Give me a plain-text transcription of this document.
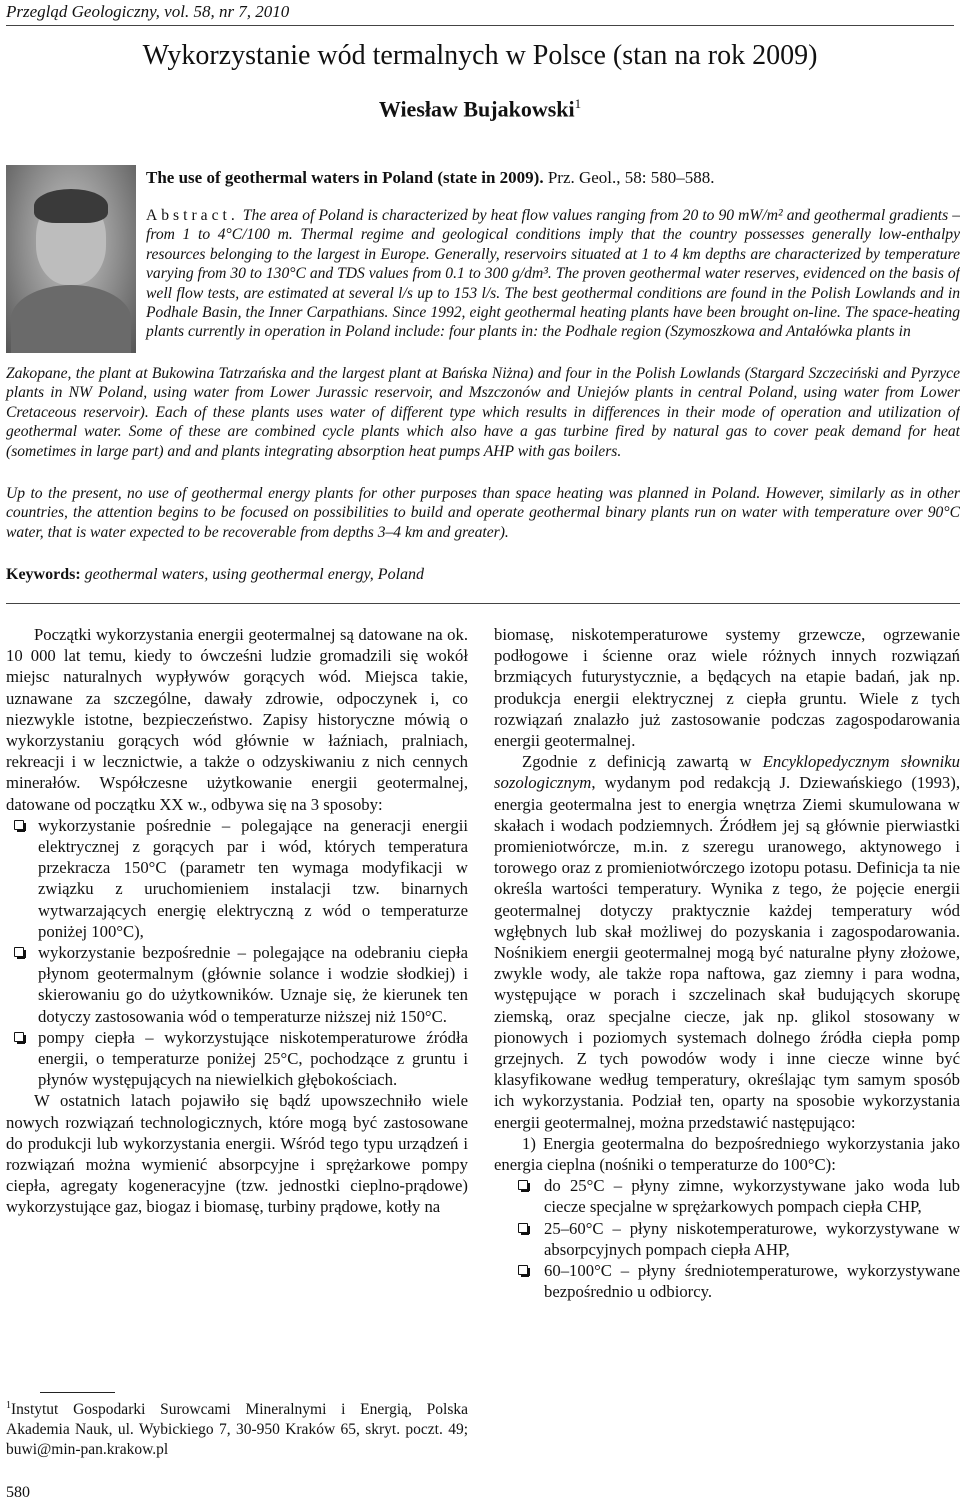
Przegląd Geologiczny, vol. 58, nr 7, 2010
Wykorzystanie wód termalnych w Polsce (stan na rok 2009)
Wiesław Bujakowski$^1$
The use of geothermal waters in Poland (state in 2009). Prz. Geol., 58: 580–588.
Abstract. The area of Poland is characterized by heat flow values ranging from 20 to 90 mW/m² and geothermal gradients – from 1 to 4°C/100 m. Thermal regime and geological conditions imply that the country possesses generally low-enthalpy resources belonging to the largest in Europe. Generally, reservoirs situated at 1 to 4 km depths are characterized by temperature varying from 30 to 130°C and TDS values from 0.1 to 300 g/dm³. The proven geothermal water reserves, evidenced on the basis of well flow tests, are estimated at several l/s up to 153 l/s. The best geothermal conditions are found in the Polish Lowlands and in Podhale Basin, the Inner Carpathians. Since 1992, eight geothermal heating plants have been brought on-line. The space-heating plants currently in operation in Poland include: four plants in: the Podhale region (Szymoszkowa and Antałówka plants in
Zakopane, the plant at Bukowina Tatrzańska and the largest plant at Bańska Niżna) and four in the Polish Lowlands (Stargard Szczeciński and Pyrzyce plants in NW Poland, using water from Lower Jurassic reservoir, and Mszczonów and Uniejów plants in central Poland, using water from Lower Cretaceous reservoir). Each of these plants uses water of different type which results in differences in their mode of operation and utilization of geothermal water. Some of these are combined cycle plants which also have a gas turbine fired by natural gas to cover peak demand for heat (sometimes in large part) and and plants integrating absorption heat pumps AHP with gas boilers.
Up to the present, no use of geothermal energy plants for other purposes than space heating was planned in Poland. However, similarly as in other countries, the attention begins to be focused on possibilities to build and operate geothermal binary plants run on water with temperature over 90°C water, that is water expected to be recoverable from depths 3–4 km and greater).
Keywords: geothermal waters, using geothermal energy, Poland

Początki wykorzystania energii geotermalnej są datowane na ok. 10 000 lat temu, kiedy to ówcześni ludzie gromadzili się wokół miejsc naturalnych wypływów gorących wód. Miejsca takie, uznawane za szczególne, dawały zdrowie, odpoczynek i, co niezwykle istotne, bezpieczeństwo. Zapisy historyczne mówią o wykorzystaniu gorących wód głównie w łaźniach, pralniach, rekreacji i w lecznictwie, a także o odzyskiwaniu z nich cennych minerałów. Współczesne użytkowanie energii geotermalnej, datowane od początku XX w., odbywa się na 3 sposoby:

wykorzystanie pośrednie – polegające na generacji energii elektrycznej z gorących par i wód, których temperatura przekracza 150°C (parametr ten wymaga modyfikacji w związku z uruchomieniem instalacji tzw. binarnych wytwarzających energię elektryczną z wód o temperaturze poniżej 100°C),
wykorzystanie bezpośrednie – polegające na odebraniu ciepła płynom geotermalnym (głównie solance i wodzie słodkiej) i skierowaniu go do użytkowników. Uznaje się, że kierunek ten dotyczy zastosowania wód o temperaturze niższej niż 150°C.
pompy ciepła – wykorzystujące niskotemperaturowe źródła energii, o temperaturze poniżej 25°C, pochodzące z gruntu i płynów występujących na niewielkich głębokościach.

W ostatnich latach pojawiło się bądź upowszechniło wiele nowych rozwiązań technologicznych, które mogą być zastosowane do produkcji lub wykorzystania energii. Wśród tego typu urządzeń i rozwiązań można wymienić absorpcyjne i sprężarkowe pompy ciepła, agregaty kogeneracyjne (tzw. jednostki cieplno-prądowe) wykorzystujące gaz, biogaz i biomasę, turbiny prądowe, kotły na

biomasę, niskotemperaturowe systemy grzewcze, ogrzewanie podłogowe i ścienne oraz wiele różnych innych rozwiązań brzmiących futurystycznie, a będących na etapie badań, jak np. produkcja energii elektrycznej z ciepła gruntu. Wiele z tych rozwiązań znalazło już zastosowanie podczas zagospodarowania energii geotermalnej.

Zgodnie z definicją zawartą w Encyklopedycznym słowniku sozologicznym, wydanym pod redakcją J. Dziewańskiego (1993), energia geotermalna jest to energia wnętrza Ziemi skumulowana w skałach i wodach podziemnych. Źródłem jej są głównie pierwiastki promieniotwórcze, m.in. z szeregu uranowego, aktynowego i torowego oraz z promieniotwórczego izotopu potasu. Definicja ta nie określa wartości temperatury. Wynika z tego, że pojęcie energii geotermalnej dotyczy praktycznie każdej temperatury wód wgłębnych lub skał możliwej do pozyskania i zagospodarowania. Nośnikiem energii geotermalnej mogą być naturalne płyny złożowe, zwykle wody, ale także ropa naftowa, gaz ziemny i para wodna, występujące w porach i szczelinach skał budujących skorupę ziemską, oraz specjalne ciecze, jak np. glikol stosowany w pionowych i poziomych systemach dolnego źródła ciepła pomp grzejnych. Z tych powodów wody i inne ciecze winne być klasyfikowane według temperatury, określając tym samym sposób ich wykorzystania. Podział ten, oparty na sposobie wykorzystania energii geotermalnej, można przedstawić następująco:

1) Energia geotermalna do bezpośredniego wykorzystania jako energia cieplna (nośniki o temperaturze do 100°C):

do 25°C – płyny zimne, wykorzystywane jako woda lub ciecze specjalne w sprężarkowych pompach ciepła CHP,
25–60°C – płyny niskotemperaturowe, wykorzystywane w absorpcyjnych pompach ciepła AHP,
60–100°C – płyny średniotemperaturowe, wykorzystywane bezpośrednio u odbiorcy.
$^1$Instytut Gospodarki Surowcami Mineralnymi i Energią, Polska Akademia Nauk, ul. Wybickiego 7, 30-950 Kraków 65, skryt. poczt. 49; buwi@min-pan.krakow.pl
580
